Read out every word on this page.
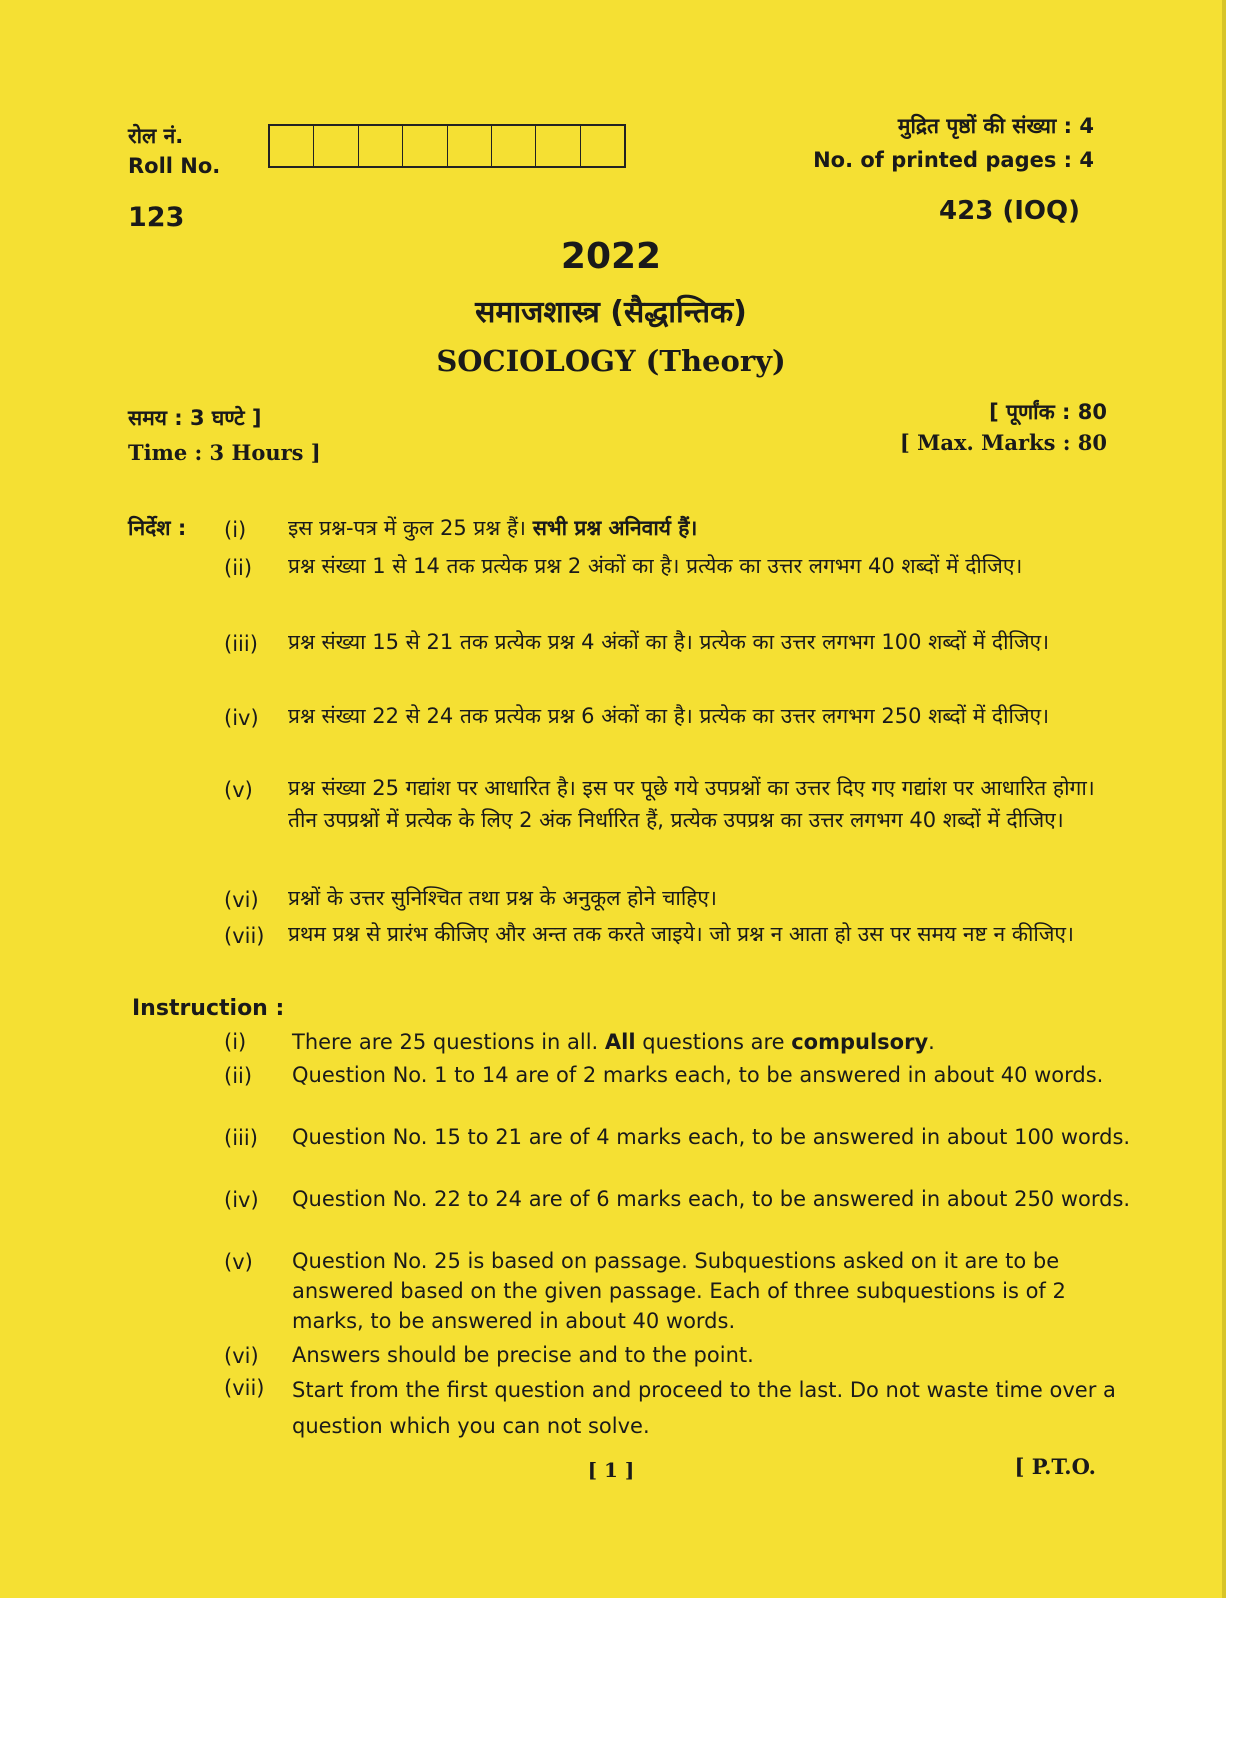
रोल नं.
Roll No.
123
मुद्रित पृष्ठों की संख्या : 4
No. of printed pages : 4
423 (IOQ)
2022
समाजशास्त्र (सैद्धान्तिक)
SOCIOLOGY (Theory)
समय : 3 घण्टे ]
Time : 3 Hours ]
[ पूर्णांक : 80
[ Max. Marks : 80
निर्देश : (i) इस प्रश्न-पत्र में कुल 25 प्रश्न हैं। सभी प्रश्न अनिवार्य हैं।
(ii) प्रश्न संख्या 1 से 14 तक प्रत्येक प्रश्न 2 अंकों का है। प्रत्येक का उत्तर लगभग 40 शब्दों में दीजिए।
(iii) प्रश्न संख्या 15 से 21 तक प्रत्येक प्रश्न 4 अंकों का है। प्रत्येक का उत्तर लगभग 100 शब्दों में दीजिए।
(iv) प्रश्न संख्या 22 से 24 तक प्रत्येक प्रश्न 6 अंकों का है। प्रत्येक का उत्तर लगभग 250 शब्दों में दीजिए।
(v) प्रश्न संख्या 25 गद्यांश पर आधारित है। इस पर पूछे गये उपप्रश्नों का उत्तर दिए गए गद्यांश पर आधारित होगा। तीन उपप्रश्नों में प्रत्येक के लिए 2 अंक निर्धारित हैं, प्रत्येक उपप्रश्न का उत्तर लगभग 40 शब्दों में दीजिए।
(vi) प्रश्नों के उत्तर सुनिश्चित तथा प्रश्न के अनुकूल होने चाहिए।
(vii) प्रथम प्रश्न से प्रारंभ कीजिए और अन्त तक करते जाइये। जो प्रश्न न आता हो उस पर समय नष्ट न कीजिए।
Instruction :
(i) There are 25 questions in all. All questions are compulsory.
(ii) Question No. 1 to 14 are of 2 marks each, to be answered in about 40 words.
(iii) Question No. 15 to 21 are of 4 marks each, to be answered in about 100 words.
(iv) Question No. 22 to 24 are of 6 marks each, to be answered in about 250 words.
(v) Question No. 25 is based on passage. Subquestions asked on it are to be answered based on the given passage. Each of three subquestions is of 2 marks, to be answered in about 40 words.
(vi) Answers should be precise and to the point.
(vii) Start from the first question and proceed to the last. Do not waste time over a question which you can not solve.
[ 1 ]	[ P.T.O.
